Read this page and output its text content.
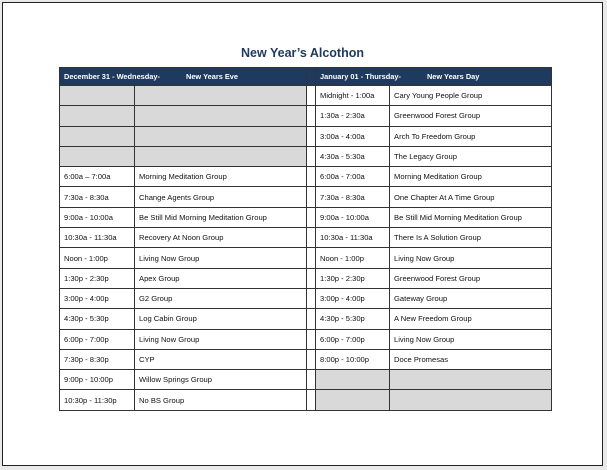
New Year’s Alcothon
December 31 - Wednesday- New Years Eve			January 01 - Thursday- New Years Day	
			Midnight - 1:00a	Cary Young People Group
			1:30a - 2:30a	Greenwood Forest Group
			3:00a - 4:00a	Arch To Freedom Group
			4:30a - 5:30a	The Legacy Group
6:00a – 7:00a	Morning Meditation Group		6:00a - 7:00a	Morning Meditation Group
7:30a - 8:30a	Change Agents Group		7:30a - 8:30a	One Chapter At A Time Group
9:00a - 10:00a	Be Still Mid Morning Meditation Group		9:00a - 10:00a	Be Still Mid Morning Meditation Group
10:30a - 11:30a	Recovery At Noon Group		10:30a - 11:30a	There Is A Solution Group
Noon - 1:00p	Living Now Group		Noon - 1:00p	Living Now Group
1:30p - 2:30p	Apex Group		1:30p - 2:30p	Greenwood Forest Group
3:00p - 4:00p	G2 Group		3:00p - 4:00p	Gateway Group
4:30p - 5:30p	Log Cabin Group		4:30p - 5:30p	A New Freedom Group
6:00p - 7:00p	Living Now Group		6:00p - 7:00p	Living Now Group
7:30p - 8:30p	CYP		8:00p - 10:00p	Doce Promesas
9:00p - 10:00p	Willow Springs Group			
10:30p - 11:30p	No BS Group			
